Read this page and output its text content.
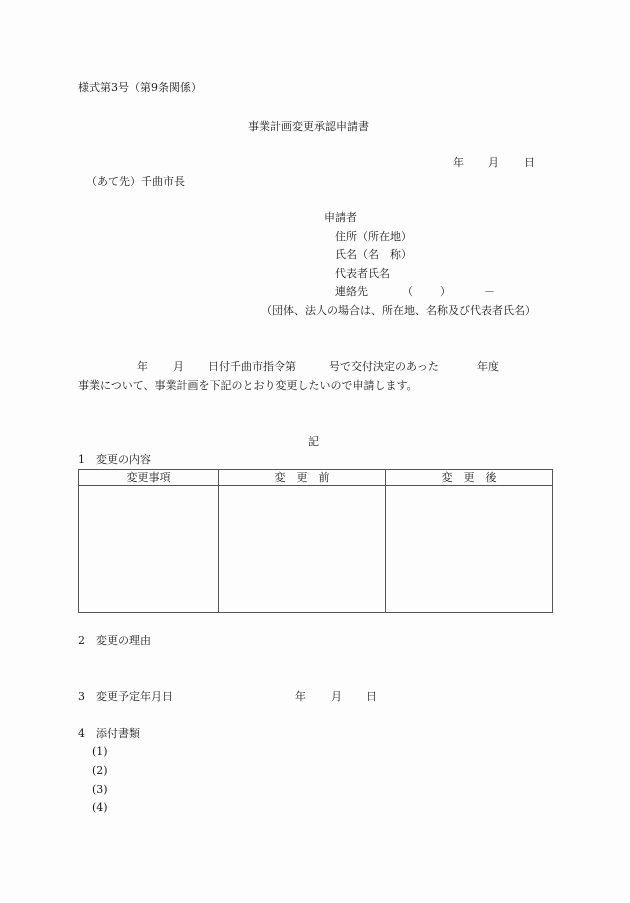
様式第3号（第9条関係）
事業計画変更承認申請書
年 月 日
（あて先）千曲市長
申請者
住所（所在地）
氏名（名　称）
代表者氏名
連絡先	（ ）	－
（団体、法人の場合は、所在地、名称及び代表者氏名）
年 月 日付千曲市指令第	号で交付決定のあった	年度
事業について、事業計画を下記のとおり変更したいので申請します。
記
1　変更の内容
変更事項	変　更　前	変　更　後

2　変更の理由
3　変更予定年月日	年 月 日
4　添付書類
(1)
(2)
(3)
(4)
